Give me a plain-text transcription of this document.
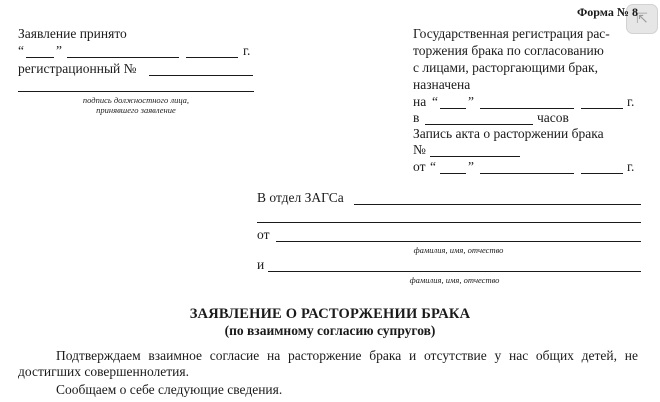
⇱
Форма № 8
Заявление принято
“ ”	г.
регистрационный №
подпись должностного лица,
принявшего заявление
Государственная регистрация рас-
торжения брака по согласованию
с лицами, расторгающими брак,
назначена
на “ ”	г.
в	часов
Запись акта о расторжении брака
№
от “ ”	г.
В отдел ЗАГСа
от
фамилия, имя, отчество
и
фамилия, имя, отчество
ЗАЯВЛЕНИЕ О РАСТОРЖЕНИИ БРАКА
(по взаимному согласию супругов)
Подтверждаем взаимное согласие на расторжение брака и отсутствие у нас общих детей, не достигших совершеннолетия.
Сообщаем о себе следующие сведения.
